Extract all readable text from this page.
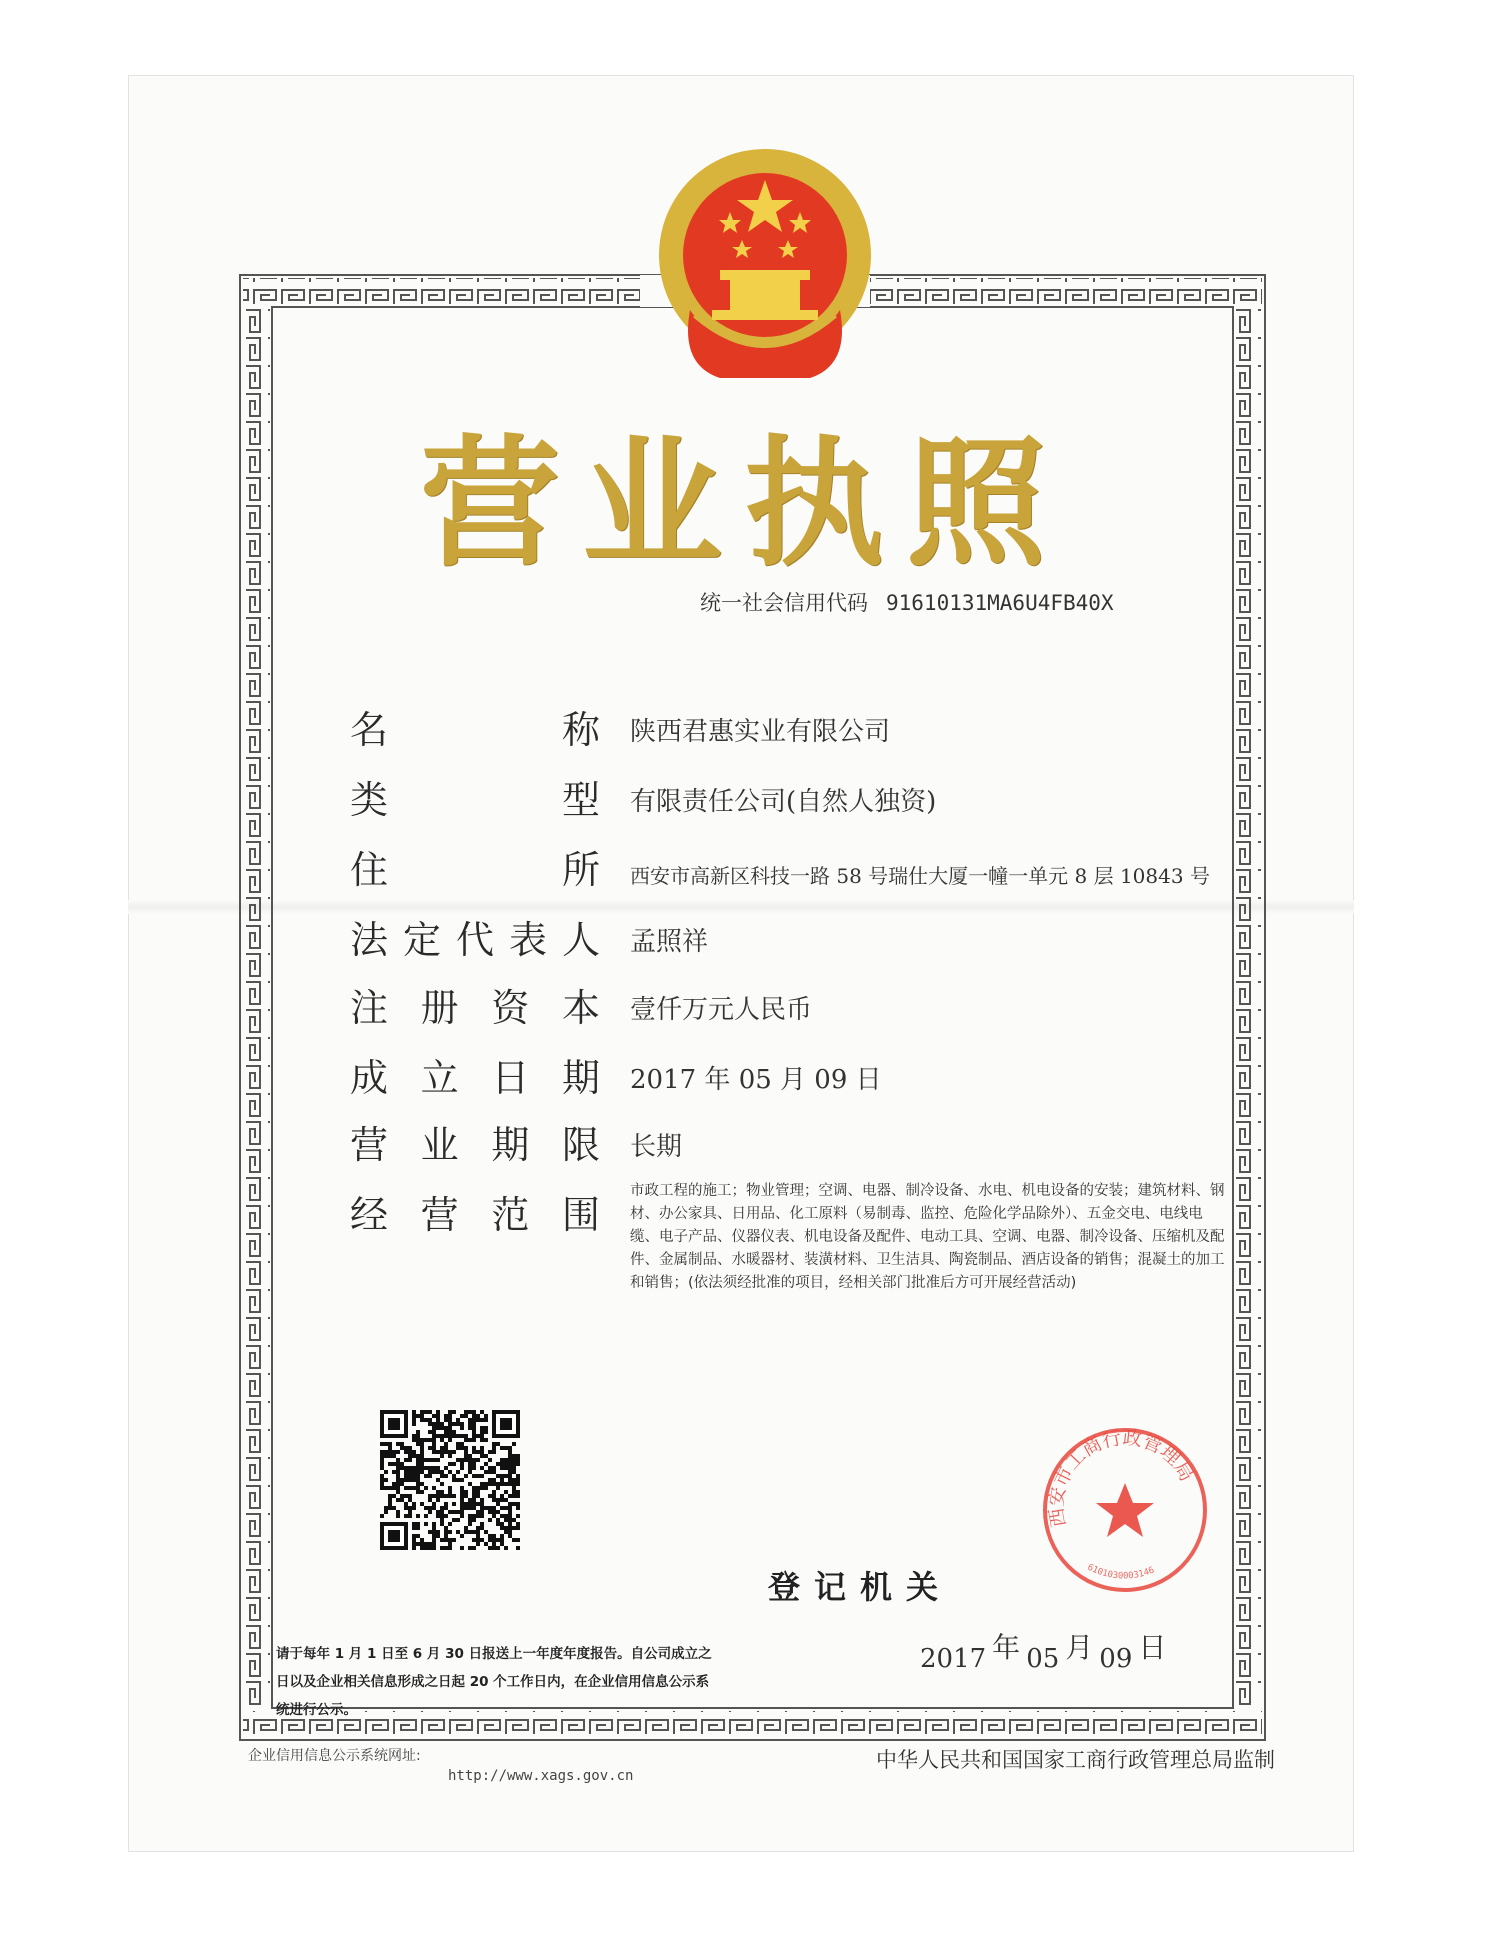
营业执照
统一社会信用代码 91610131MA6U4FB40X
名称 陕西君惠实业有限公司
类型 有限责任公司(自然人独资)
住所 西安市高新区科技一路 58 号瑞仕大厦一幢一单元 8 层 10843 号
法定代表人 孟照祥
注册资本 壹仟万元人民币
成立日期 2017 年 05 月 09 日
营业期限 长期
经营范围
市政工程的施工；物业管理；空调、电器、制冷设备、水电、机电设备的安装；建筑材料、钢材、办公家具、日用品、化工原料（易制毒、监控、危险化学品除外）、五金交电、电线电缆、电子产品、仪器仪表、机电设备及配件、电动工具、空调、电器、制冷设备、压缩机及配件、金属制品、水暖器材、装潢材料、卫生洁具、陶瓷制品、酒店设备的销售；混凝土的加工和销售；(依法须经批准的项目，经相关部门批准后方可开展经营活动)
登记机关
2017 年 05 月 09 日
西安市工商行政管理局
6101030003146
请于每年 1 月 1 日至 6 月 30 日报送上一年度年度报告。自公司成立之日以及企业相关信息形成之日起 20 个工作日内，在企业信用信息公示系统进行公示。
企业信用信息公示系统网址:
http://www.xags.gov.cn
中华人民共和国国家工商行政管理总局监制
